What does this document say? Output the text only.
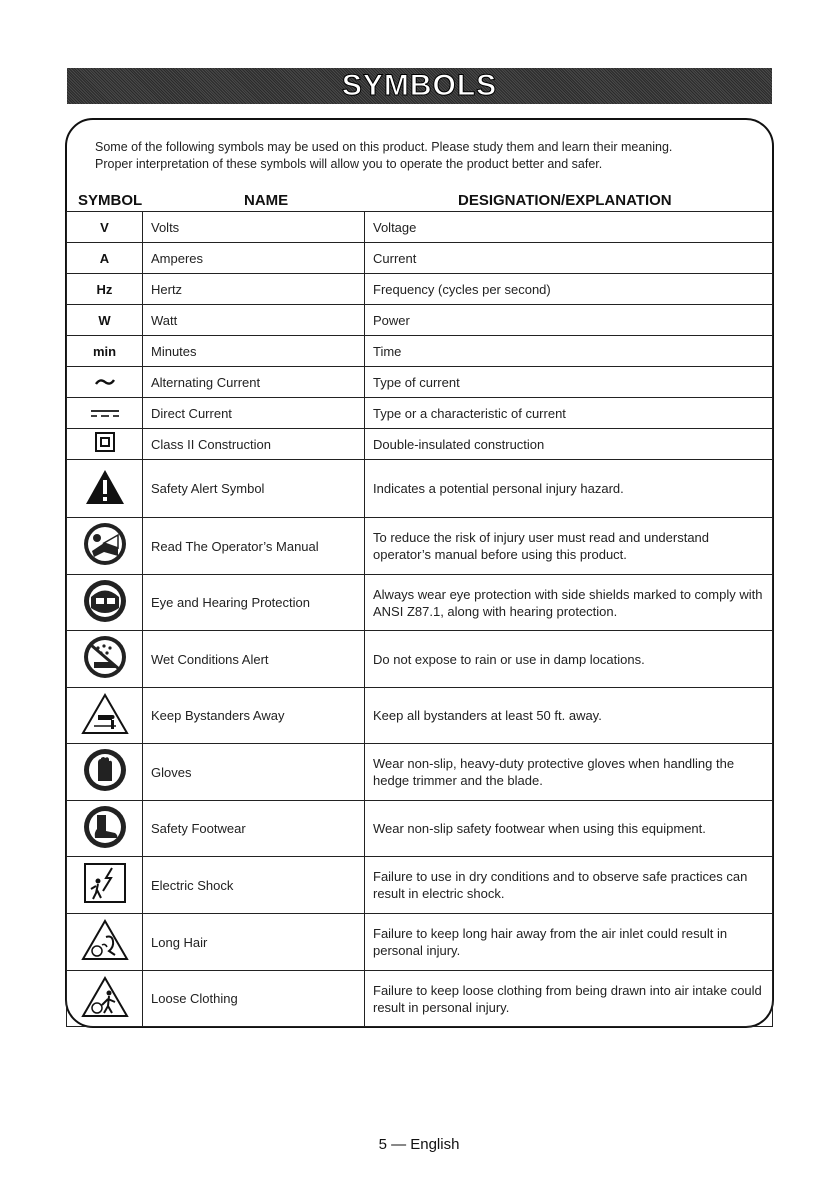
SYMBOLS

Some of the following symbols may be used on this product. Please study them and learn their meaning.

Proper interpretation of these symbols will allow you to operate the product better and safer.

SYMBOL	NAME	DESIGNATION/EXPLANATION
V	Volts	Voltage
A	Amperes	Current
Hz	Hertz	Frequency (cycles per second)
W	Watt	Power
min	Minutes	Time

	Alternating Current	Type of current

	Direct Current	Type or a characteristic of current

	Class II Construction	Double-insulated construction

	Safety Alert Symbol	Indicates a potential personal injury hazard.

	Read The Operator’s Manual	To reduce the risk of injury user must read and understand operator’s manual before using this product.

	Eye and Hearing Protection	Always wear eye protection with side shields marked to comply with ANSI Z87.1, along with hearing protection.

	Wet Conditions Alert	Do not expose to rain or use in damp locations.

	Keep Bystanders Away	Keep all bystanders at least 50 ft. away.

	Gloves	Wear non-slip, heavy-duty protective gloves when handling the hedge trimmer and the blade.

	Safety Footwear	Wear non-slip safety footwear when using this equipment.

	Electric Shock	Failure to use in dry conditions and to observe safe practices can result in electric shock.

	Long Hair	Failure to keep long hair away from the air inlet could result in personal injury.

	Loose Clothing	Failure to keep loose clothing from being drawn into air intake could result in personal injury.
5 — English
